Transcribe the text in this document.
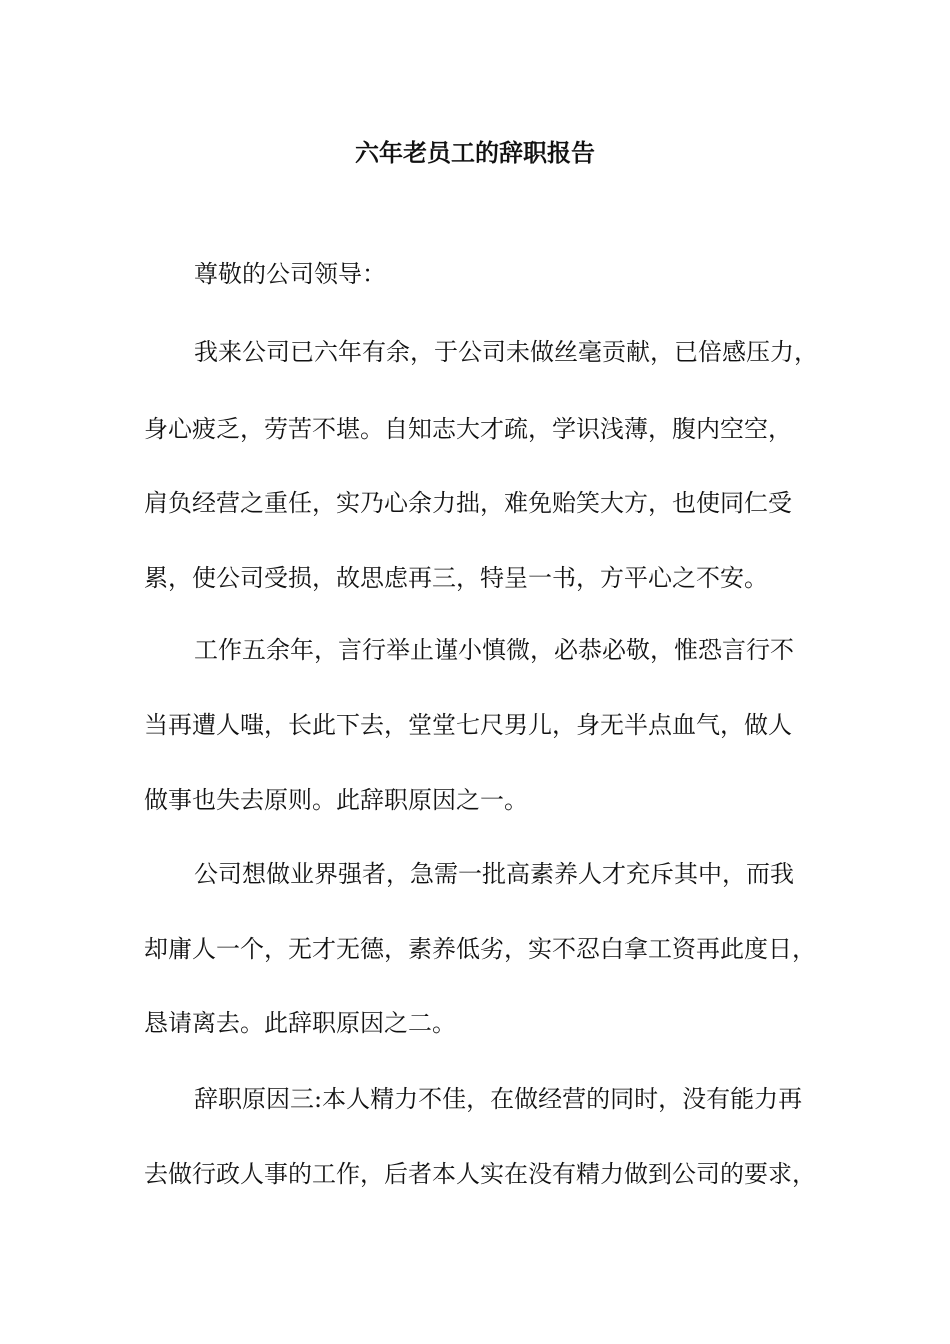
六年老员工的辞职报告
尊敬的公司领导：
我来公司已六年有余，于公司未做丝毫贡献，已倍感压力，
身心疲乏，劳苦不堪。自知志大才疏，学识浅薄，腹内空空，
肩负经营之重任，实乃心余力拙，难免贻笑大方，也使同仁受
累，使公司受损，故思虑再三，特呈一书，方平心之不安。
工作五余年，言行举止谨小慎微，必恭必敬，惟恐言行不
当再遭人嗤，长此下去，堂堂七尺男儿，身无半点血气，做人
做事也失去原则。此辞职原因之一。
公司想做业界强者，急需一批高素养人才充斥其中，而我
却庸人一个，无才无德，素养低劣，实不忍白拿工资再此度日，
恳请离去。此辞职原因之二。
辞职原因三:本人精力不佳，在做经营的同时，没有能力再
去做行政人事的工作，后者本人实在没有精力做到公司的要求，
